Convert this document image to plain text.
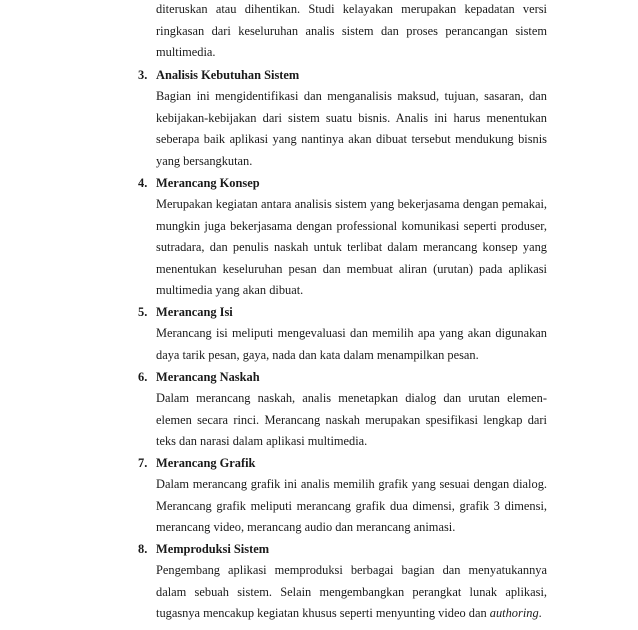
diteruskan atau dihentikan. Studi kelayakan merupakan kepadatan versi ringkasan dari keseluruhan analis sistem dan proses perancangan sistem multimedia.
3. Analisis Kebutuhan Sistem
Bagian ini mengidentifikasi dan menganalisis maksud, tujuan, sasaran, dan kebijakan-kebijakan dari sistem suatu bisnis. Analis ini harus menentukan seberapa baik aplikasi yang nantinya akan dibuat tersebut mendukung bisnis yang bersangkutan.
4. Merancang Konsep
Merupakan kegiatan antara analisis sistem yang bekerjasama dengan pemakai, mungkin juga bekerjasama dengan professional komunikasi seperti produser, sutradara, dan penulis naskah untuk terlibat dalam merancang konsep yang menentukan keseluruhan pesan dan membuat aliran (urutan) pada aplikasi multimedia yang akan dibuat.
5. Merancang Isi
Merancang isi meliputi mengevaluasi dan memilih apa yang akan digunakan daya tarik pesan, gaya, nada dan kata dalam menampilkan pesan.
6. Merancang Naskah
Dalam merancang naskah, analis menetapkan dialog dan urutan elemen-elemen secara rinci. Merancang naskah merupakan spesifikasi lengkap dari teks dan narasi dalam aplikasi multimedia.
7. Merancang Grafik
Dalam merancang grafik ini analis memilih grafik yang sesuai dengan dialog. Merancang grafik meliputi merancang grafik dua dimensi, grafik 3 dimensi, merancang video, merancang audio dan merancang animasi.
8. Memproduksi Sistem
Pengembang aplikasi memproduksi berbagai bagian dan menyatukannya dalam sebuah sistem. Selain mengembangkan perangkat lunak aplikasi, tugasnya mencakup kegiatan khusus seperti menyunting video dan authoring.
